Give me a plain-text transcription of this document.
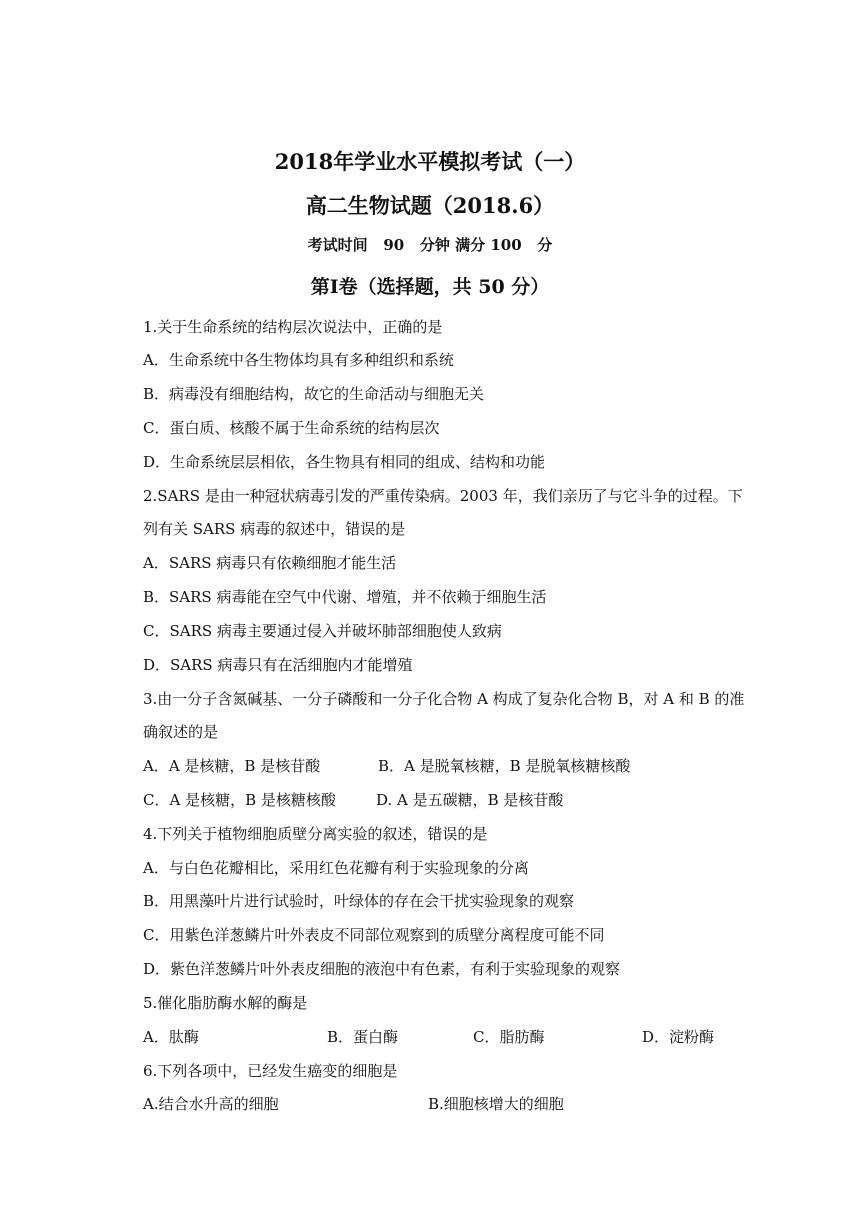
2018年学业水平模拟考试（一）
高二生物试题（2018.6）
考试时间   90   分钟 满分 100   分
第Ⅰ卷（选择题，共 50 分）
1.关于生命系统的结构层次说法中，正确的是
A．生命系统中各生物体均具有多种组织和系统
B．病毒没有细胞结构，故它的生命活动与细胞无关
C．蛋白质、核酸不属于生命系统的结构层次
D．生命系统层层相依，各生物具有相同的组成、结构和功能
2.SARS 是由一种冠状病毒引发的严重传染病。2003 年，我们亲历了与它斗争的过程。下
列有关 SARS 病毒的叙述中，错误的是
A．SARS 病毒只有依赖细胞才能生活
B．SARS 病毒能在空气中代谢、增殖，并不依赖于细胞生活
C．SARS 病毒主要通过侵入并破坏肺部细胞使人致病
D．SARS 病毒只有在活细胞内才能增殖
3.由一分子含氮碱基、一分子磷酸和一分子化合物 A 构成了复杂化合物 B，对 A 和 B 的准
确叙述的是
A．A 是核糖，B 是核苷酸	B．A 是脱氧核糖，B 是脱氧核糖核酸
C．A 是核糖，B 是核糖核酸	D. A 是五碳糖，B 是核苷酸
4.下列关于植物细胞质壁分离实验的叙述，错误的是
A．与白色花瓣相比，采用红色花瓣有利于实验现象的分离
B．用黑藻叶片进行试验时，叶绿体的存在会干扰实验现象的观察
C．用紫色洋葱鳞片叶外表皮不同部位观察到的质壁分离程度可能不同
D．紫色洋葱鳞片叶外表皮细胞的液泡中有色素，有利于实验现象的观察
5.催化脂肪酶水解的酶是
A．肽酶	B．蛋白酶	C．脂肪酶	D．淀粉酶
6.下列各项中，已经发生癌变的细胞是
A.结合水升高的细胞	B.细胞核增大的细胞
